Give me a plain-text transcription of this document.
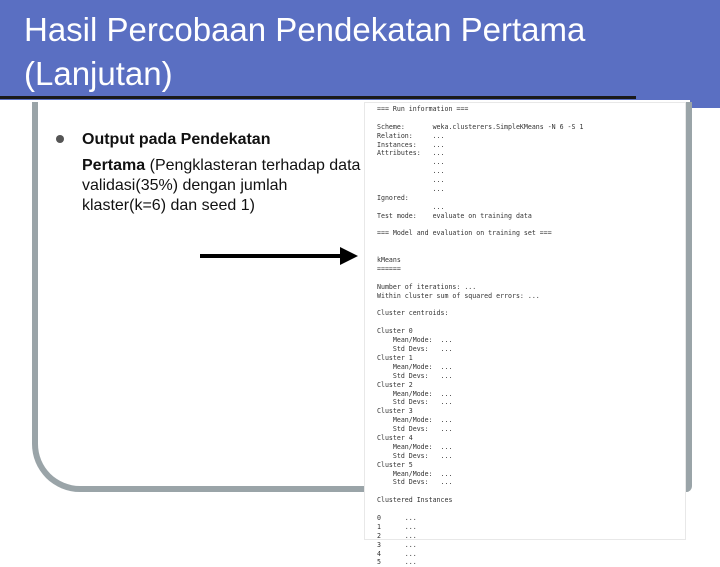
Hasil Percobaan Pendekatan Pertama (Lanjutan)
Output pada Pendekatan
Pertama (Pengklasteran terhadap data validasi(35%) dengan jumlah klaster(k=6) dan seed 1)
=== Run information ===
Scheme:       weka.clusterers.SimpleKMeans -N 6 -S 1
Relation:     ...
Instances:    ...
Attributes:   ...
...
...
...
...
Ignored:
...
Test mode:    evaluate on training data
=== Model and evaluation on training set ===
kMeans
======
Number of iterations: ...
Within cluster sum of squared errors: ...
Cluster centroids:
Cluster 0
Mean/Mode:  ...
Std Devs:   ...
Cluster 1
Mean/Mode:  ...
Std Devs:   ...
Cluster 2
Mean/Mode:  ...
Std Devs:   ...
Cluster 3
Mean/Mode:  ...
Std Devs:   ...
Cluster 4
Mean/Mode:  ...
Std Devs:   ...
Cluster 5
Mean/Mode:  ...
Std Devs:   ...
Clustered Instances
0      ...
1      ...
2      ...
3      ...
4      ...
5      ...
